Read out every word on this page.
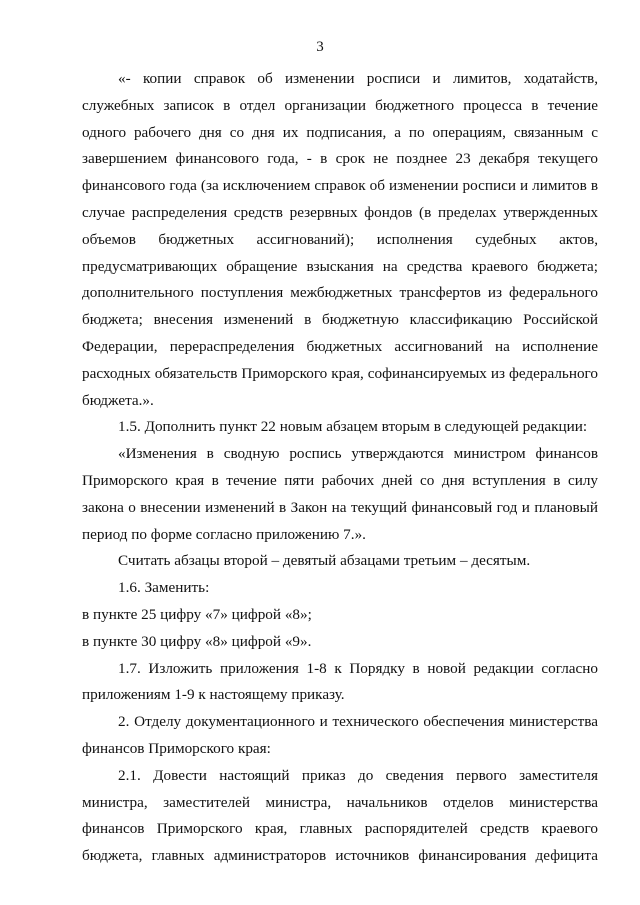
3

«- копии справок об изменении росписи и лимитов, ходатайств, служебных записок в отдел организации бюджетного процесса в течение одного рабочего дня со дня их подписания, а по операциям, связанным с завершением финансового года, - в срок не позднее 23 декабря текущего финансового года (за исключением справок об изменении росписи и лимитов в случае распределения средств резервных фондов (в пределах утвержденных объемов бюджетных ассигнований); исполнения судебных актов, предусматривающих обращение взыскания на средства краевого бюджета; дополнительного поступления межбюджетных трансфертов из федерального бюджета; внесения изменений в бюджетную классификацию Российской Федерации, перераспределения бюджетных ассигнований на исполнение расходных обязательств Приморского края, софинансируемых из федерального бюджета.».

1.5. Дополнить пункт 22 новым абзацем вторым в следующей редакции:

«Изменения в сводную роспись утверждаются министром финансов Приморского края в течение пяти рабочих дней со дня вступления в силу закона о внесении изменений в Закон на текущий финансовый год и плановый период по форме согласно приложению 7.».

Считать абзацы второй – девятый абзацами третьим – десятым.

1.6. Заменить:

в пункте 25 цифру «7» цифрой «8»;

в пункте 30 цифру «8» цифрой «9».

1.7. Изложить приложения 1-8 к Порядку в новой редакции согласно приложениям 1-9 к настоящему приказу.

2. Отделу документационного и технического обеспечения министерства финансов Приморского края:

2.1. Довести настоящий приказ до сведения первого заместителя министра, заместителей министра, начальников отделов министерства финансов Приморского края, главных распорядителей средств краевого бюджета, главных администраторов источников финансирования дефицита
